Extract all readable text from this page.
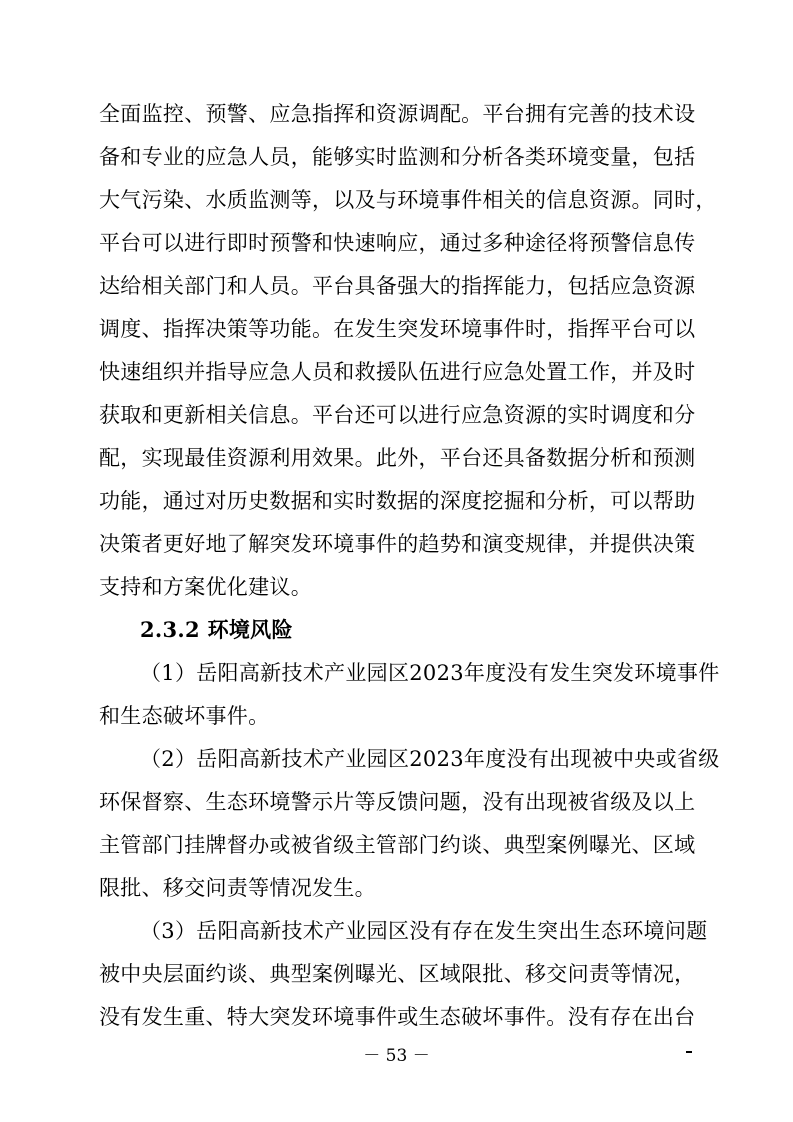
全面监控、预警、应急指挥和资源调配。平台拥有完善的技术设
备和专业的应急人员，能够实时监测和分析各类环境变量，包括
大气污染、水质监测等，以及与环境事件相关的信息资源。同时，
平台可以进行即时预警和快速响应，通过多种途径将预警信息传
达给相关部门和人员。平台具备强大的指挥能力，包括应急资源
调度、指挥决策等功能。在发生突发环境事件时，指挥平台可以
快速组织并指导应急人员和救援队伍进行应急处置工作，并及时
获取和更新相关信息。平台还可以进行应急资源的实时调度和分
配，实现最佳资源利用效果。此外，平台还具备数据分析和预测
功能，通过对历史数据和实时数据的深度挖掘和分析，可以帮助
决策者更好地了解突发环境事件的趋势和演变规律，并提供决策
支持和方案优化建议。
2.3.2 环境风险
（1）岳阳高新技术产业园区2023年度没有发生突发环境事件
和生态破坏事件。
（2）岳阳高新技术产业园区2023年度没有出现被中央或省级
环保督察、生态环境警示片等反馈问题，没有出现被省级及以上
主管部门挂牌督办或被省级主管部门约谈、典型案例曝光、区域
限批、移交问责等情况发生。
（3）岳阳高新技术产业园区没有存在发生突出生态环境问题
被中央层面约谈、典型案例曝光、区域限批、移交问责等情况，
没有发生重、特大突发环境事件或生态破坏事件。没有存在出台
－ 53 －
